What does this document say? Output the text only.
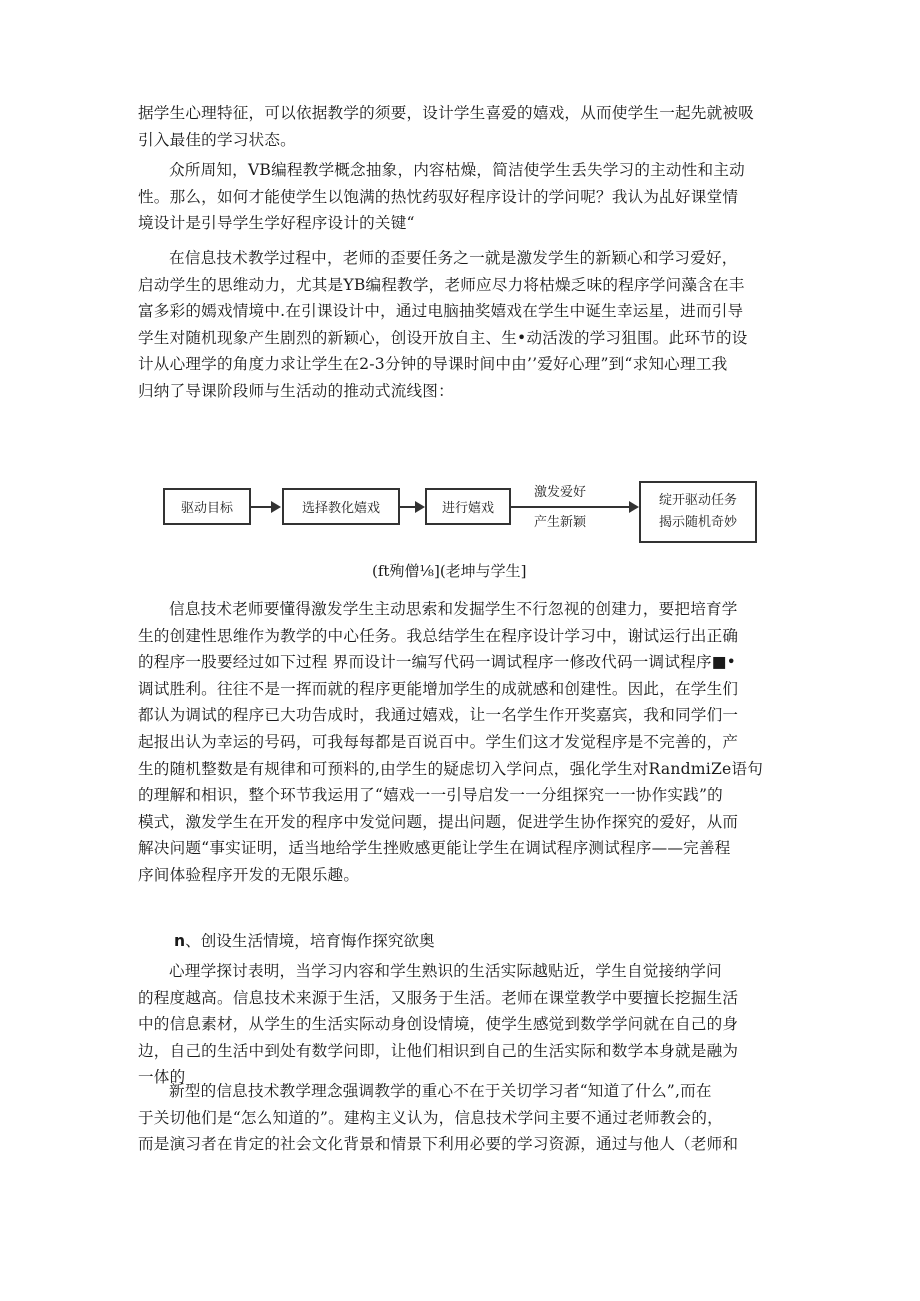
据学生心理特征，可以依据教学的须要，设计学生喜爱的嬉戏，从而使学生一起先就被吸
引入最佳的学习状态。
众所周知，VB编程教学概念抽象，内容枯燥，简洁使学生丢失学习的主动性和主动
性。那么，如何才能使学生以饱满的热忱药驭好程序设计的学问呢？我认为乩好课堂情
境设计是引导学生学好程序设计的关键“
在信息技术教学过程中，老师的歪要任务之一就是激发学生的新颖心和学习爱好，
启动学生的思维动力，尤其是YB编程教学，老师应尽力将枯燥乏味的程序学问藻含在丰
富多彩的嫣戏情境中.在引课设计中，通过电脑抽奖嬉戏在学生中诞生幸运星，进而引导
学生对随机现象产生剧烈的新颖心，创设开放自主、生•动活泼的学习狙围。此环节的设
计从心理学的角度力求让学生在2-3分钟的导课时间中由’’爱好心理”到“求知心理工我
归纳了导课阶段师与生活动的推动式流线图：
信息技术老师要懂得激发学生主动思索和发掘学生不行忽视的创建力，要把培育学
生的创建性思维作为教学的中心任务。我总结学生在程序设计学习中，谢试运行出正确
的程序一股要经过如下过程 界而设计一编写代码一调试程序一修改代码一调试程序■•
调试胜利。往往不是一挥而就的程序更能增加学生的成就感和创建性。因此，在学生们
都认为调试的程序已大功告成时，我通过嬉戏，让一名学生作开奖嘉宾，我和同学们一
起报出认为幸运的号码，可我每每都是百说百中。学生们这才发觉程序是不完善的，产
生的随机整数是有规律和可预料的,由学生的疑虑切入学问点，强化学生对RandmiZe语句
的理解和相识，整个环节我运用了“嬉戏一一引导启发一一分组探究一一协作实践”的
模式，激发学生在开发的程序中发觉问题，提出问题，促进学生协作探究的爱好，从而
解决问题“事实证明，适当地给学生挫败感更能让学生在调试程序测试程序——完善程
序间体验程序开发的无限乐趣。
心理学探讨表明，当学习内容和学生熟识的生活实际越贴近，学生自觉接纳学问
的程度越高。信息技术来源于生活，又服务于生活。老师在课堂教学中要擅长挖掘生活
中的信息素材，从学生的生活实际动身创设情境，使学生感觉到数学学问就在自己的身
边，自己的生活中到处有数学问即，让他们相识到自己的生活实际和数学本身就是融为
一体的
新型的信息技术教学理念强调教学的重心不在于关切学习者“知道了什么”,而在
于关切他们是“怎么知道的”。建构主义认为，信息技术学问主要不通过老师教会的，
而是演习者在肯定的社会文化背景和情景下利用必要的学习资源，通过与他人（老师和
驱动目标	选择教化嬉戏	进行嬉戏
激发爱好
产生新颖
绽开驱动任务
揭示随机奇妙
(ft殉僧⅛](老坤与学生]
n、创设生活情境，培育悔作探究欲奥
